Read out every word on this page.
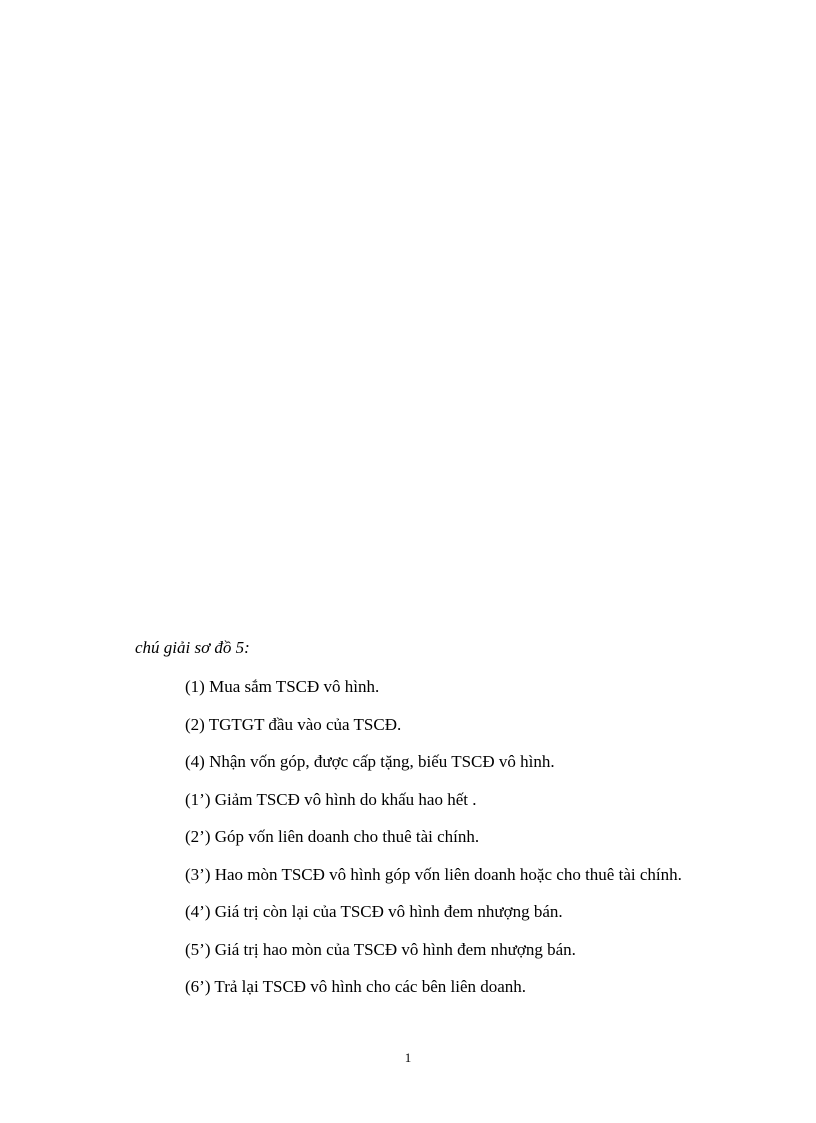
chú giải sơ đồ 5:
(1) Mua sắm TSCĐ vô hình.
(2) TGTGT đầu vào của TSCĐ.
(4) Nhận vốn góp, được cấp tặng, biếu TSCĐ vô hình.
(1’) Giảm TSCĐ vô hình do khấu hao hết .
(2’) Góp vốn liên doanh cho thuê tài chính.
(3’) Hao mòn TSCĐ vô hình góp vốn liên doanh hoặc cho thuê tài chính.
(4’) Giá trị còn lại của TSCĐ vô hình đem nhượng bán.
(5’) Giá trị hao mòn của TSCĐ vô hình đem nhượng bán.
(6’) Trả lại TSCĐ vô hình cho các bên liên doanh.
1
